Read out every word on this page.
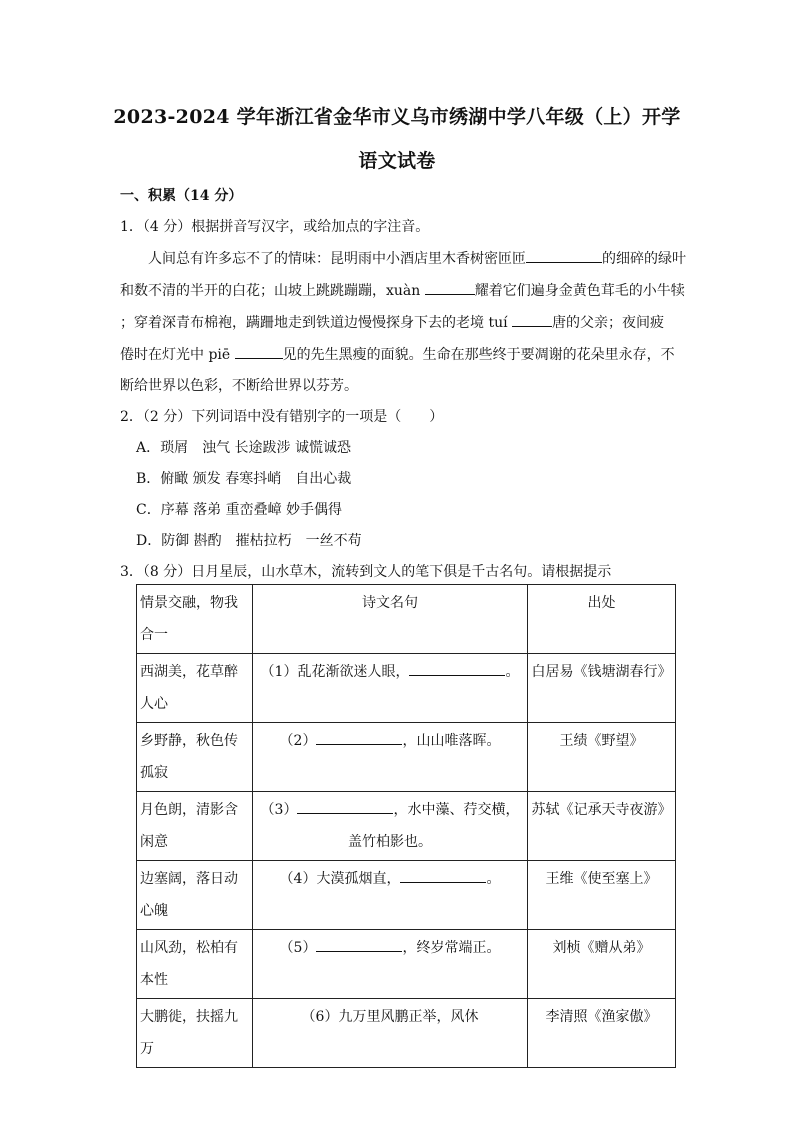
2023-2024 学年浙江省金华市义乌市绣湖中学八年级（上）开学
语文试卷
一、积累（14 分）
1．（4 分）根据拼音写汉字，或给加点的字注音。
人间总有许多忘不了的情味：昆明雨中小酒店里木香树密匝匝	的细碎的绿叶
和数不清的半开的白花；山坡上跳跳蹦蹦，xuàn	耀着它们遍身金黄色茸毛的小牛犊
；穿着深青布棉袍，蹒跚地走到铁道边慢慢探身下去的老境 tuí	唐的父亲；夜间疲
倦时在灯光中 piē	见的先生黑瘦的面貌。生命在那些终于要凋谢的花朵里永存，不
断给世界以色彩，不断给世界以芬芳。
2．（2 分）下列词语中没有错别字的一项是（　　）
A．琐屑　浊气 长途跋涉 诚慌诚恐
B．俯瞰 颁发 春寒抖峭　自出心裁
C．序幕 落弟 重峦叠嶂 妙手偶得
D．防御 斟酌　摧枯拉朽　一丝不苟
3．（8 分）日月星辰，山水草木，流转到文人的笔下俱是千古名句。请根据提示
情景交融，物我合一	诗文名句	出处
西湖美，花草醉人心	（1）乱花渐欲迷人眼， 。	白居易《钱塘湖春行》
乡野静，秋色传孤寂	（2） ，山山唯落晖。	王绩《野望》
月色朗，清影含闲意	（3） ，水中藻、荇交横，盖竹柏影也。	苏轼《记承天寺夜游》
边塞阔，落日动心魄	（4）大漠孤烟直， 。	王维《使至塞上》
山风劲，松柏有本性	（5） ，终岁常端正。	刘桢《赠从弟》
大鹏徙，扶摇九万	（6）九万里风鹏正举，风休	李清照《渔家傲》
